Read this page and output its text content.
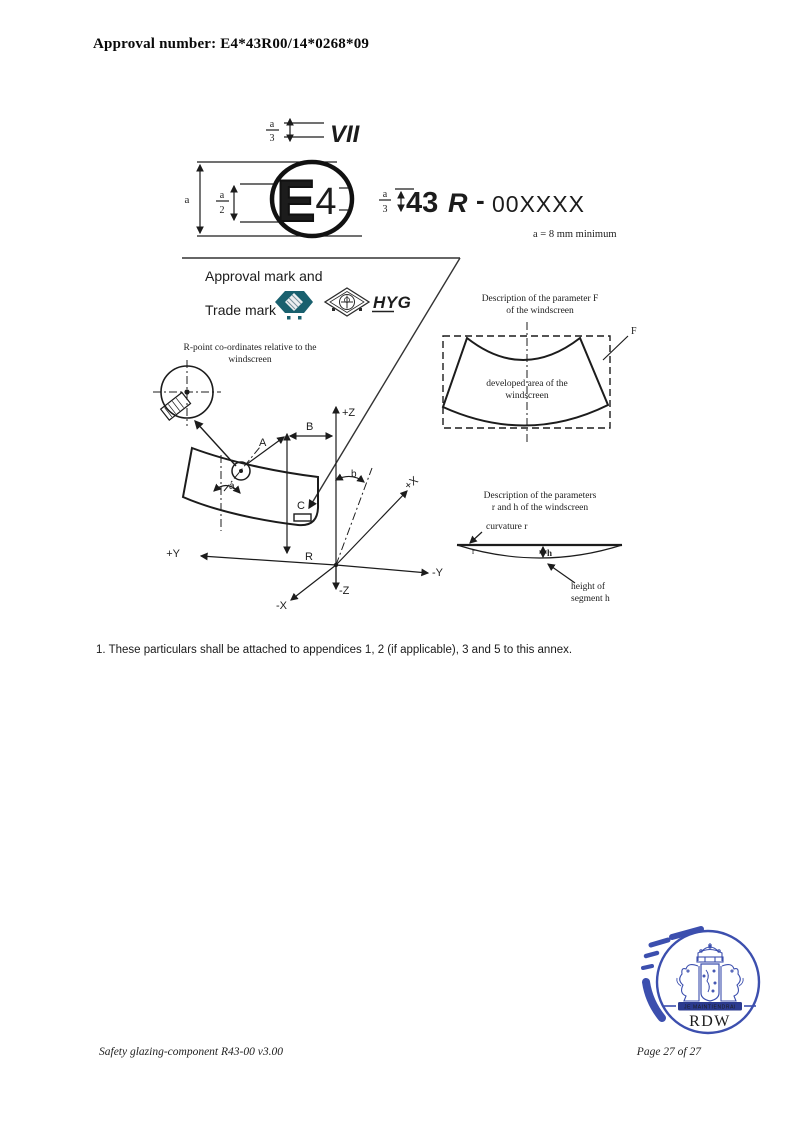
Approval number: E4*43R00/14*0268*09
a
3 VII
a	a
2 E 4	a
3 43 R - 00XXXX
a = 8 mm minimum
Approval mark and
Trade mark	HYG
R-point co-ordinates relative to the
windscreen
+Z
-Z
+Y
-Y
+X
-X
R
b
a
A
B
C
Description of the parameter F
of the windscreen
developed area of the
windscreen
F
Description of the parameters
r and h of the windscreen
curvature r
r	h
height of
segment h
1. These particulars shall be attached to appendices 1, 2 (if applicable), 3 and 5 to this annex.
JE MAINTIENDRAI
RDW
Safety glazing-component R43-00 v3.00	Page 27 of 27
